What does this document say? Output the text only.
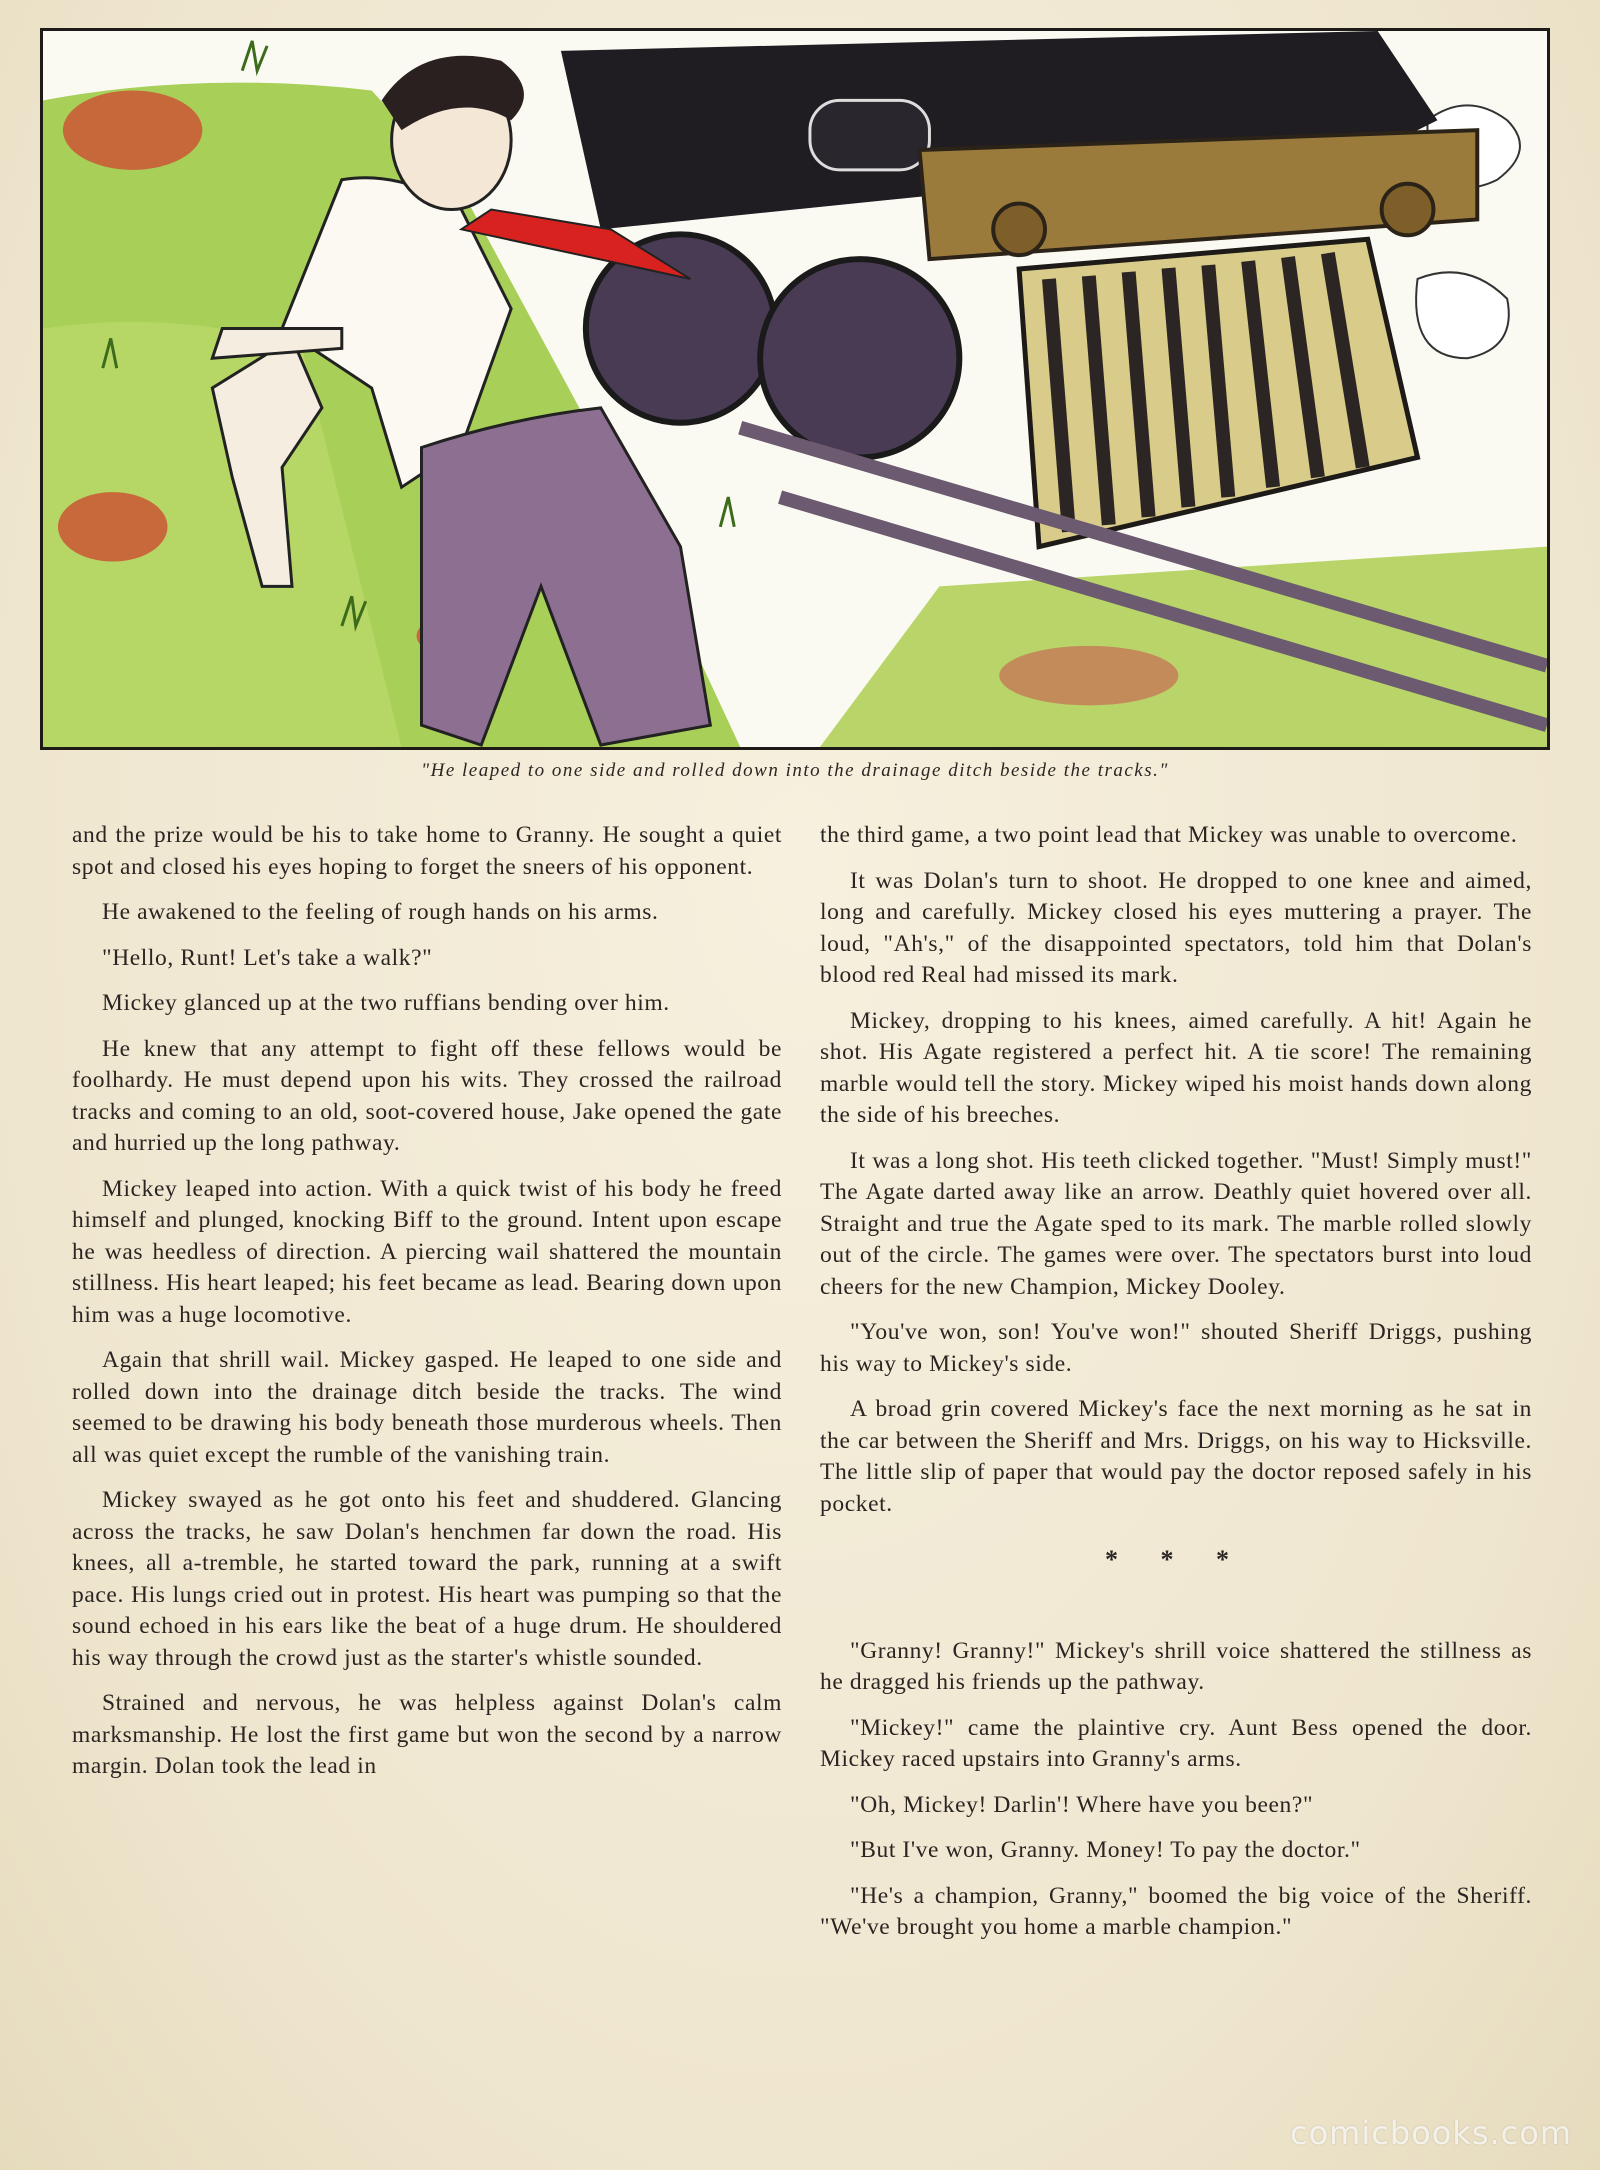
"He leaped to one side and rolled down into the drainage ditch beside the tracks."

and the prize would be his to take home to Granny. He sought a quiet spot and closed his eyes hoping to forget the sneers of his opponent.

He awakened to the feeling of rough hands on his arms.

"Hello, Runt! Let's take a walk?"

Mickey glanced up at the two ruffians bending over him.

He knew that any attempt to fight off these fellows would be foolhardy. He must depend upon his wits. They crossed the railroad tracks and coming to an old, soot-covered house, Jake opened the gate and hurried up the long pathway.

Mickey leaped into action. With a quick twist of his body he freed himself and plunged, knocking Biff to the ground. Intent upon escape he was heedless of direction. A piercing wail shattered the mountain stillness. His heart leaped; his feet became as lead. Bearing down upon him was a huge locomotive.

Again that shrill wail. Mickey gasped. He leaped to one side and rolled down into the drainage ditch beside the tracks. The wind seemed to be drawing his body beneath those murderous wheels. Then all was quiet except the rumble of the vanishing train.

Mickey swayed as he got onto his feet and shuddered. Glancing across the tracks, he saw Dolan's henchmen far down the road. His knees, all a-tremble, he started toward the park, running at a swift pace. His lungs cried out in protest. His heart was pumping so that the sound echoed in his ears like the beat of a huge drum. He shouldered his way through the crowd just as the starter's whistle sounded.

Strained and nervous, he was helpless against Dolan's calm marksmanship. He lost the first game but won the second by a narrow margin. Dolan took the lead in

the third game, a two point lead that Mickey was unable to overcome.

It was Dolan's turn to shoot. He dropped to one knee and aimed, long and carefully. Mickey closed his eyes muttering a prayer. The loud, "Ah's," of the disappointed spectators, told him that Dolan's blood red Real had missed its mark.

Mickey, dropping to his knees, aimed carefully. A hit! Again he shot. His Agate registered a perfect hit. A tie score! The remaining marble would tell the story. Mickey wiped his moist hands down along the side of his breeches.

It was a long shot. His teeth clicked together. "Must! Simply must!" The Agate darted away like an arrow. Deathly quiet hovered over all. Straight and true the Agate sped to its mark. The marble rolled slowly out of the circle. The games were over. The spectators burst into loud cheers for the new Champion, Mickey Dooley.

"You've won, son! You've won!" shouted Sheriff Driggs, pushing his way to Mickey's side.

A broad grin covered Mickey's face the next morning as he sat in the car between the Sheriff and Mrs. Driggs, on his way to Hicksville. The little slip of paper that would pay the doctor reposed safely in his pocket.

* * *

"Granny! Granny!" Mickey's shrill voice shattered the stillness as he dragged his friends up the pathway.

"Mickey!" came the plaintive cry. Aunt Bess opened the door. Mickey raced upstairs into Granny's arms.

"Oh, Mickey! Darlin'! Where have you been?"

"But I've won, Granny. Money! To pay the doctor."

"He's a champion, Granny," boomed the big voice of the Sheriff. "We've brought you home a marble champion."

comicbooks.com
